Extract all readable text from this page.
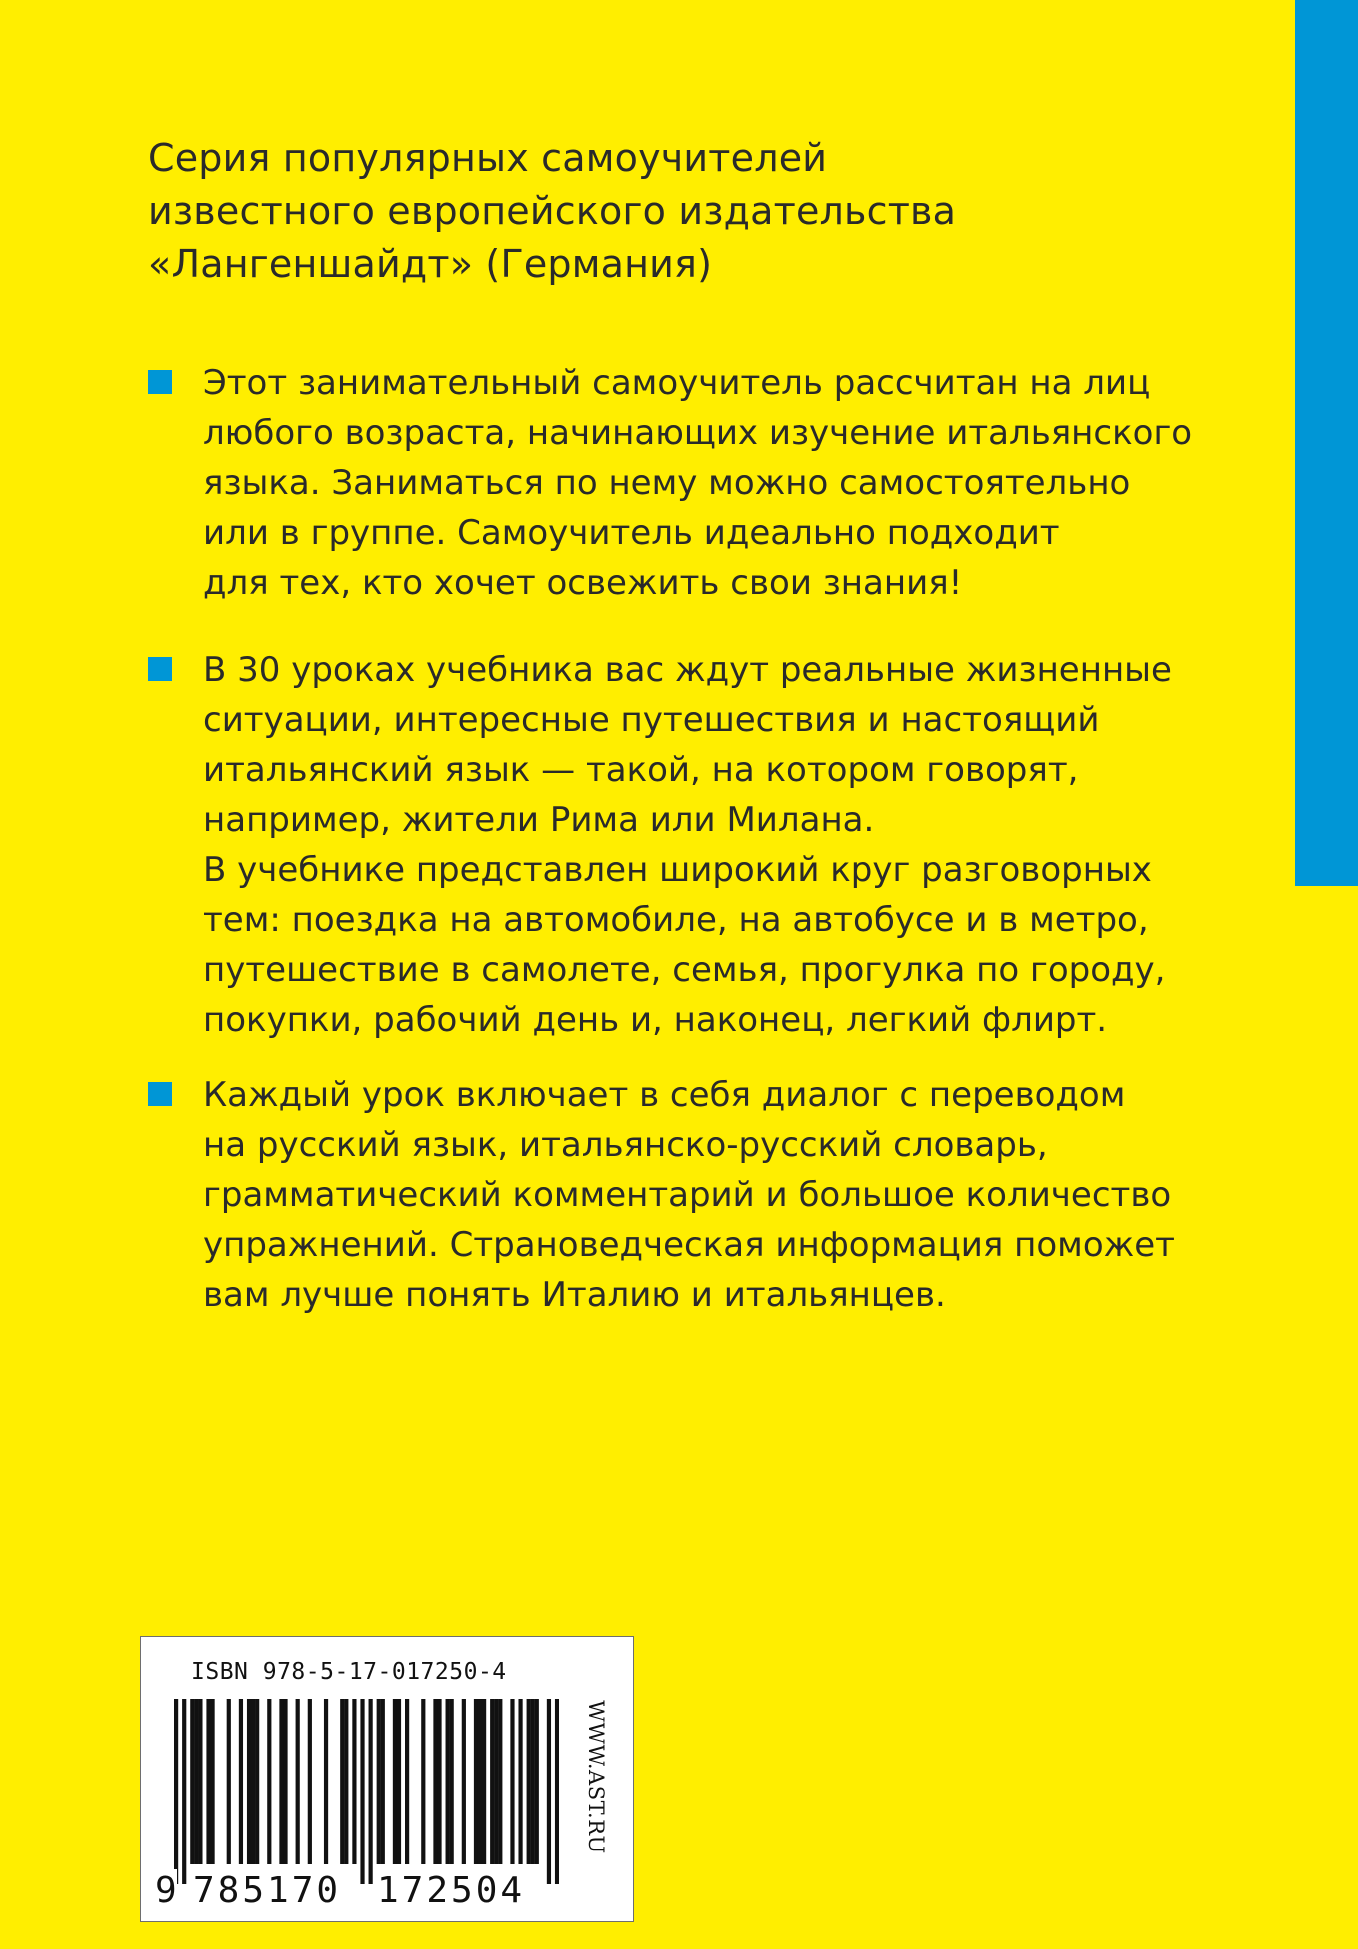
Серия популярных самоучителей
известного европейского издательства
«Лангеншайдт» (Германия)
Этот занимательный самоучитель рассчитан на лиц
любого возраста, начинающих изучение итальянского
языка. Заниматься по нему можно самостоятельно
или в группе. Самоучитель идеально подходит
для тех, кто хочет освежить свои знания!
В 30 уроках учебника вас ждут реальные жизненные
ситуации, интересные путешествия и настоящий
итальянский язык — такой, на котором говорят,
например, жители Рима или Милана.
В учебнике представлен широкий круг разговорных
тем: поездка на автомобиле, на автобусе и в метро,
путешествие в самолете, семья, прогулка по городу,
покупки, рабочий день и, наконец, легкий флирт.
Каждый урок включает в себя диалог с переводом
на русский язык, итальянско-русский словарь,
грамматический комментарий и большое количество
упражнений. Страноведческая информация поможет
вам лучше понять Италию и итальянцев.
ISBN 978-5-17-017250-4
9 785170 172504
WWW.AST.RU
